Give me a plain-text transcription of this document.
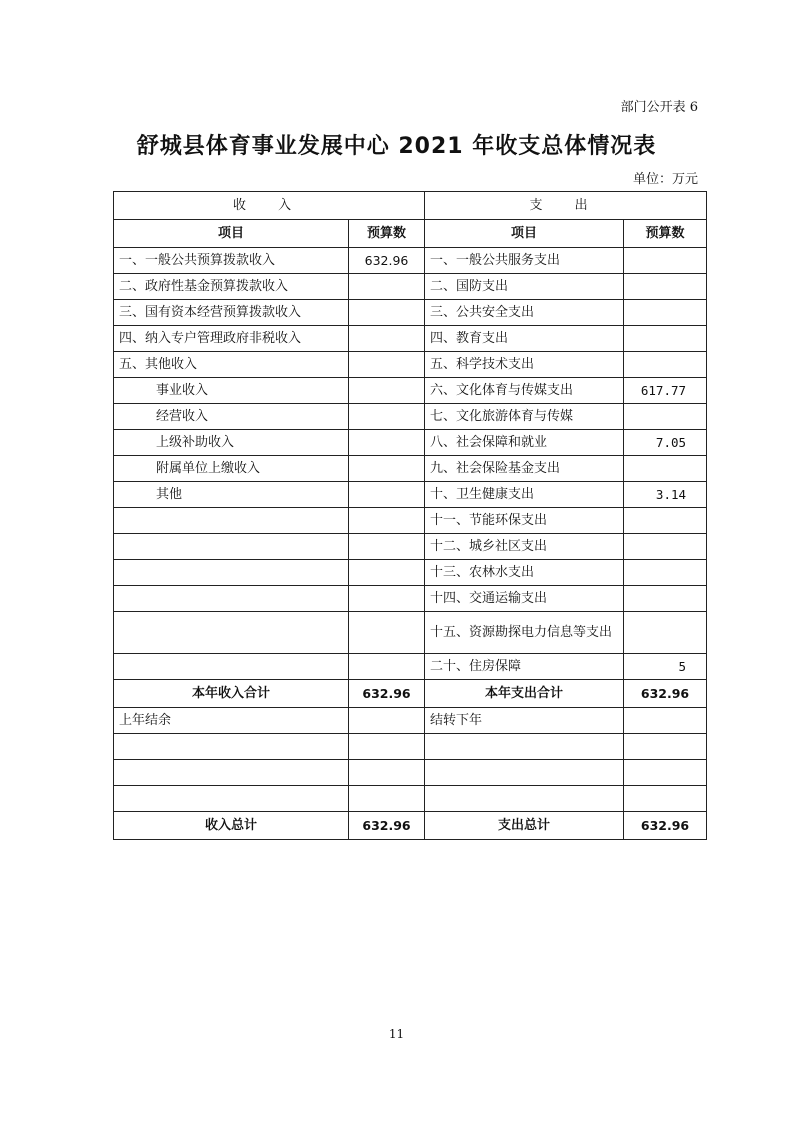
部门公开表 6
舒城县体育事业发展中心 2021 年收支总体情况表
单位：万元
收 入		支 出	
项目	预算数	项目	预算数
一、一般公共预算拨款收入	632.96	一、一般公共服务支出	
二、政府性基金预算拨款收入		二、国防支出	
三、国有资本经营预算拨款收入		三、公共安全支出	
四、纳入专户管理政府非税收入		四、教育支出	
五、其他收入		五、科学技术支出	
事业收入		六、文化体育与传媒支出	617.77
经营收入		七、文化旅游体育与传媒	
上级补助收入		八、社会保障和就业	7.05
附属单位上缴收入		九、社会保险基金支出	
其他		十、卫生健康支出	3.14
		十一、节能环保支出	
		十二、城乡社区支出	
		十三、农林水支出	
		十四、交通运输支出	
		十五、资源勘探电力信息等支出	
		二十、住房保障	5
本年收入合计	632.96	本年支出合计	632.96
上年结余		结转下年	

收入总计	632.96	支出总计	632.96
11
